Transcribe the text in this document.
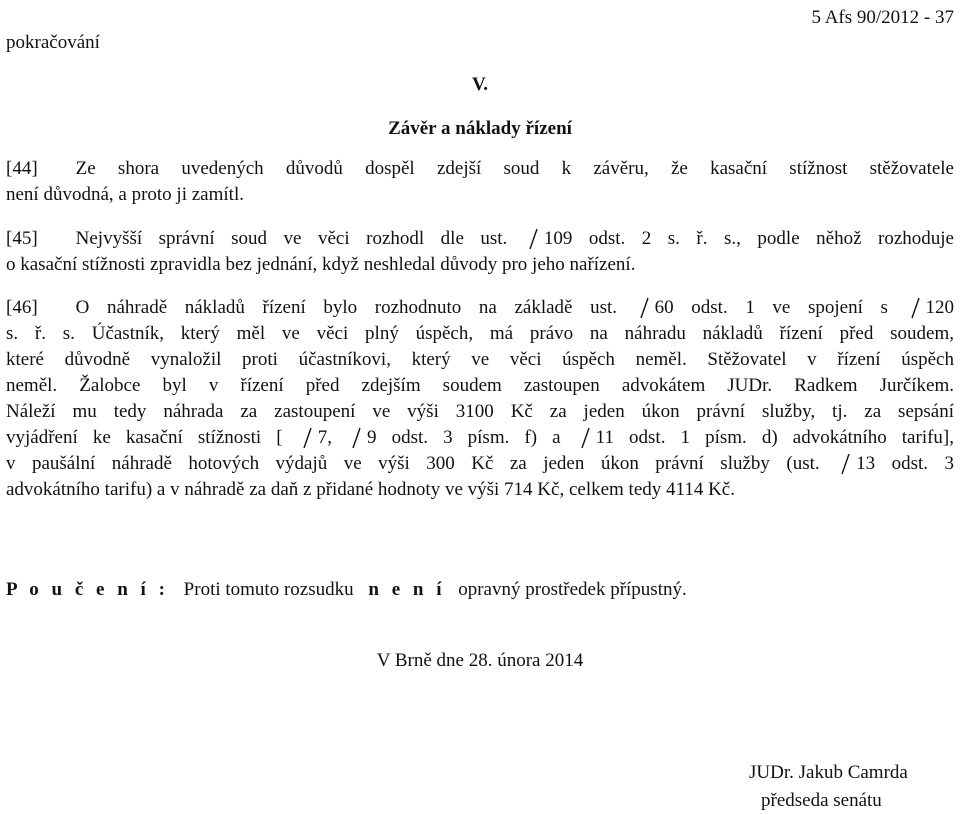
pokračování
5 Afs 90/2012 - 37
V.
Závěr a náklady řízení
[44] Ze shora uvedených důvodů dospěl zdejší soud k závěru, že kasační stížnost stěžovatele
není důvodná, a proto ji zamítl.
[45] Nejvyšší správní soud ve věci rozhodl dle ust. 109 odst. 2 s. ř. s., podle něhož rozhoduje
o kasační stížnosti zpravidla bez jednání, když neshledal důvody pro jeho nařízení.
[46] O náhradě nákladů řízení bylo rozhodnuto na základě ust. 60 odst. 1 ve spojení s 120
s. ř. s. Účastník, který měl ve věci plný úspěch, má právo na náhradu nákladů řízení před soudem,
které důvodně vynaložil proti účastníkovi, který ve věci úspěch neměl. Stěžovatel v řízení úspěch
neměl. Žalobce byl v řízení před zdejším soudem zastoupen advokátem JUDr. Radkem Jurčíkem.
Náleží mu tedy náhrada za zastoupení ve výši 3100 Kč za jeden úkon právní služby, tj. za sepsání
vyjádření ke kasační stížnosti [ 7, 9 odst. 3 písm. f) a 11 odst. 1 písm. d) advokátního tarifu],
v paušální náhradě hotových výdajů ve výši 300 Kč za jeden úkon právní služby (ust. 13 odst. 3
advokátního tarifu) a v náhradě za daň z přidané hodnoty ve výši 714 Kč, celkem tedy 4114 Kč.
P o u č e n í : Proti tomuto rozsudku n e n í opravný prostředek přípustný.
V Brně dne 28. února 2014
JUDr. Jakub Camrda
předseda senátu
